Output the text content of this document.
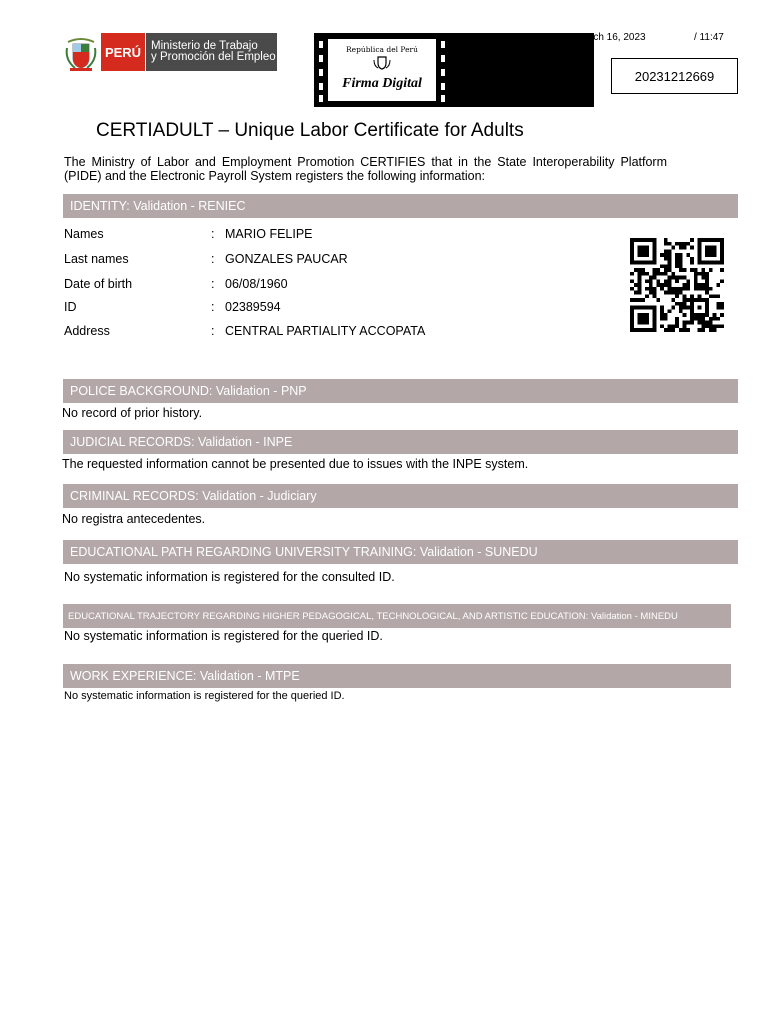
PERÚ Ministerio de Trabajo
y Promoción del Empleo
República del Perú
Firma Digital
rch 16, 2023	/ 11:47
20231212669
CERTIADULT – Unique Labor Certificate for Adults
The Ministry of Labor and Employment Promotion CERTIFIES that in the State Interoperability Platform (PIDE) and the Electronic Payroll System registers the following information:
IDENTITY: Validation - RENIEC
Names	: MARIO FELIPE
Last names	: GONZALES PAUCAR
Date of birth	: 06/08/1960
ID	: 02389594
Address	: CENTRAL PARTIALITY ACCOPATA
POLICE BACKGROUND: Validation - PNP
No record of prior history.
JUDICIAL RECORDS: Validation - INPE
The requested information cannot be presented due to issues with the INPE system.
CRIMINAL RECORDS: Validation - Judiciary
No registra antecedentes.
EDUCATIONAL PATH REGARDING UNIVERSITY TRAINING: Validation - SUNEDU
No systematic information is registered for the consulted ID.
EDUCATIONAL TRAJECTORY REGARDING HIGHER PEDAGOGICAL, TECHNOLOGICAL, AND ARTISTIC EDUCATION: Validation - MINEDU
No systematic information is registered for the queried ID.
WORK EXPERIENCE: Validation - MTPE
No systematic information is registered for the queried ID.
